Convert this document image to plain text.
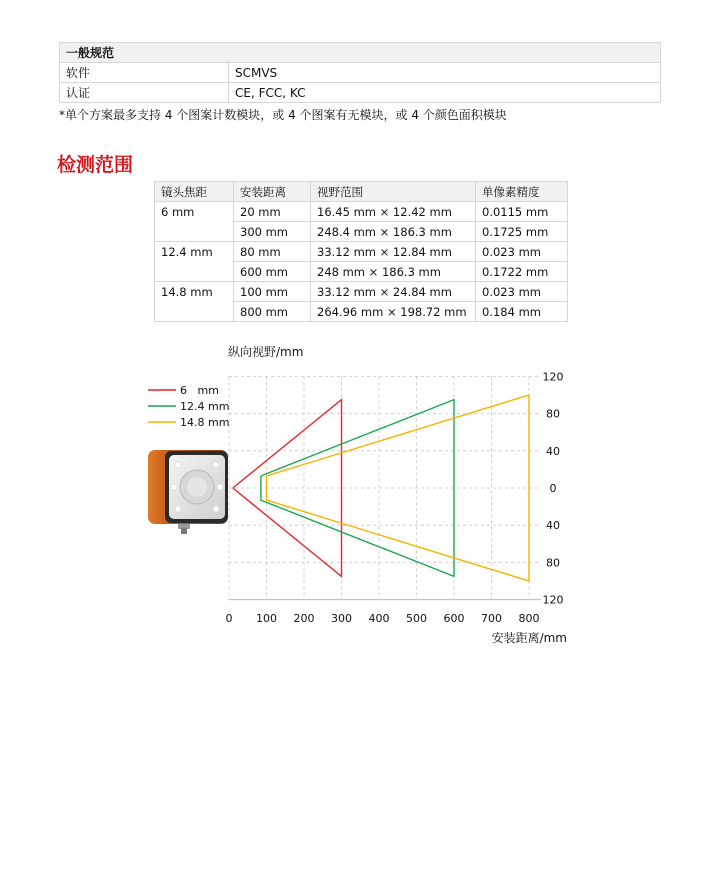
一般规范	
软件	SCMVS
认证	CE, FCC, KC
*单个方案最多支持 4 个图案计数模块，或 4 个图案有无模块，或 4 个颜色面积模块
检测范围
镜头焦距	安装距离	视野范围	单像素精度
6 mm	20 mm	16.45 mm × 12.42 mm	0.0115 mm
	300 mm	248.4 mm × 186.3 mm	0.1725 mm
12.4 mm	80 mm	33.12 mm × 12.84 mm	0.023 mm
	600 mm	248 mm × 186.3 mm	0.1722 mm
14.8 mm	100 mm	33.12 mm × 24.84 mm	0.023 mm
	800 mm	264.96 mm × 198.72 mm	0.184 mm
纵向视野/mm
安装距离/mm
0 100 200 300 400 500 600 700 800
120
80
40
0
40
80
120
6   mm
12.4 mm
14.8 mm
